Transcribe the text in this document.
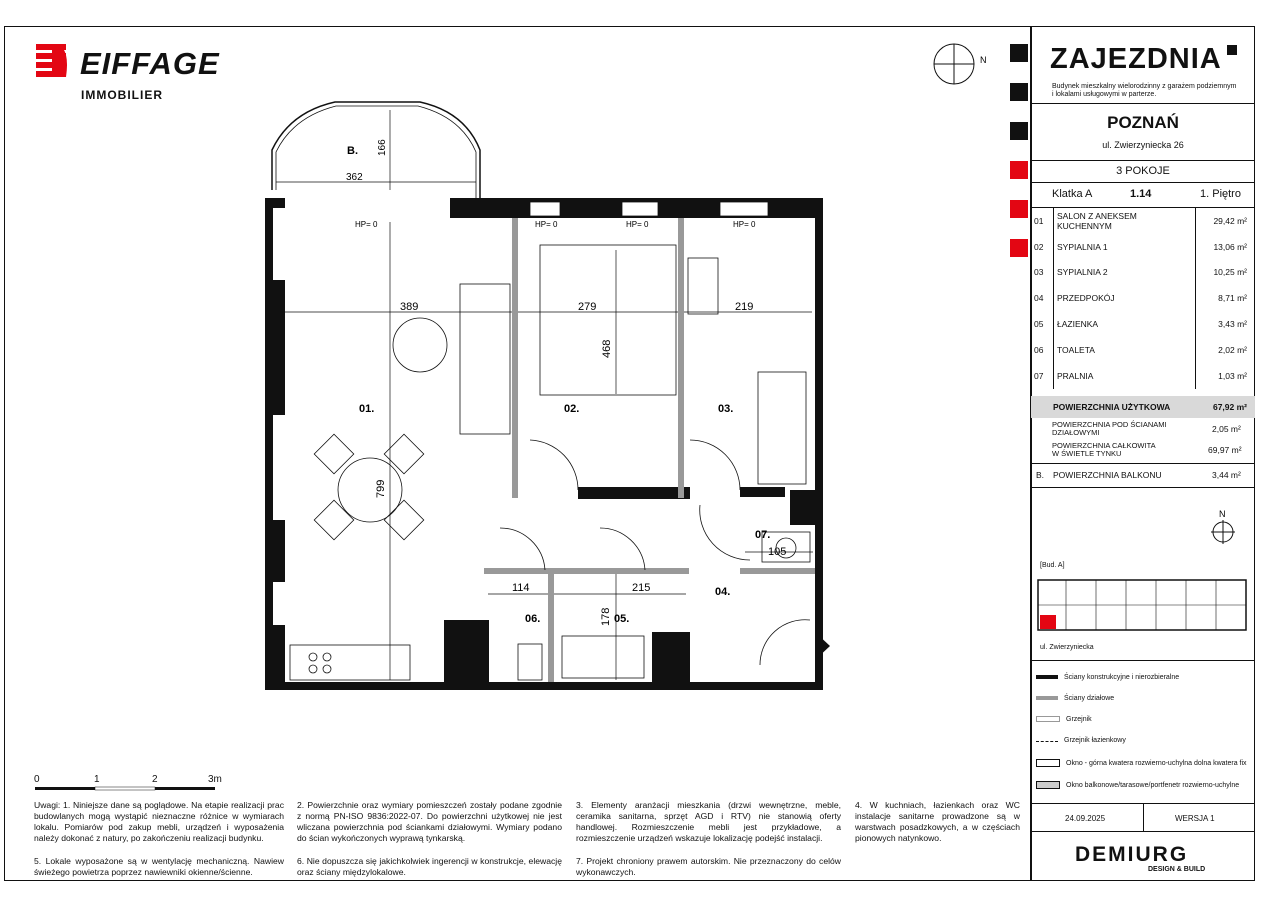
EIFFAGE
IMMOBILIER
N
B.
362
166
389	279	219
468
799
114	215
178
105
01.	02.	03.
04.
05.
06.
07.
HP= 0	HP= 0	HP= 0	HP= 0
0	1	2	3m
Uwagi: 1. Niniejsze dane są poglądowe. Na etapie realizacji prac budowlanych mogą wystąpić nieznaczne różnice w wymiarach lokalu. Pomiarów pod zakup mebli, urządzeń i wyposażenia należy dokonać z natury, po zakończeniu realizacji budynku.
5. Lokale wyposażone są w wentylację mechaniczną. Nawiew świeżego powietrza poprzez nawiewniki okienne/ścienne.
2. Powierzchnie oraz wymiary pomieszczeń zostały podane zgodnie z normą PN-ISO 9836:2022-07. Do powierzchni użytkowej nie jest wliczana powierzchnia pod ściankami działowymi. Wymiary podano do ścian wykończonych wyprawą tynkarską.
6. Nie dopuszcza się jakichkolwiek ingerencji w konstrukcje, elewację oraz ściany międzylokalowe.
3. Elementy aranżacji mieszkania (drzwi wewnętrzne, meble, ceramika sanitarna, sprzęt AGD i RTV) nie stanowią oferty handlowej. Rozmieszczenie mebli jest przykładowe, a rozmieszczenie urządzeń wskazuje lokalizację podejść instalacji.
7. Projekt chroniony prawem autorskim. Nie przeznaczony do celów wykonawczych.
4. W kuchniach, łazienkach oraz WC instalacje sanitarne prowadzone są w warstwach posadzkowych, a w częściach pionowych natynkowo.
ZAJEZDNIA
Budynek mieszkalny wielorodzinny z garażem podziemnym i lokalami usługowymi w parterze.
POZNAŃ
ul. Zwierzyniecka 26
3 POKOJE
Klatka A	1.14	1. Piętro
01	SALON Z ANEKSEM KUCHENNYM	29,42 m²
02	SYPIALNIA 1	13,06 m²
03	SYPIALNIA 2	10,25 m²
04	PRZEDPOKÓJ	8,71 m²
05	ŁAZIENKA	3,43 m²
06	TOALETA	2,02 m²
07	PRALNIA	1,03 m²
POWIERZCHNIA UŻYTKOWA	67,92 m²
POWIERZCHNIA POD ŚCIANAMI
DZIAŁOWYMI	2,05 m²
POWIERZCHNIA CAŁKOWITA
W ŚWIETLE TYNKU	69,97 m²
B. POWIERZCHNIA BALKONU	3,44 m²
N
[Bud. A]
ul. Zwierzyniecka
Ściany konstrukcyjne i nierozbieralne
Ściany działowe
Grzejnik
Grzejnik łazienkowy
Okno - górna kwatera rozwierno-uchylna dolna kwatera fix
Okno balkonowe/tarasowe/portfenetr rozwierno-uchylne
24.09.2025	WERSJA 1
DEMIURG
DESIGN & BUILD
